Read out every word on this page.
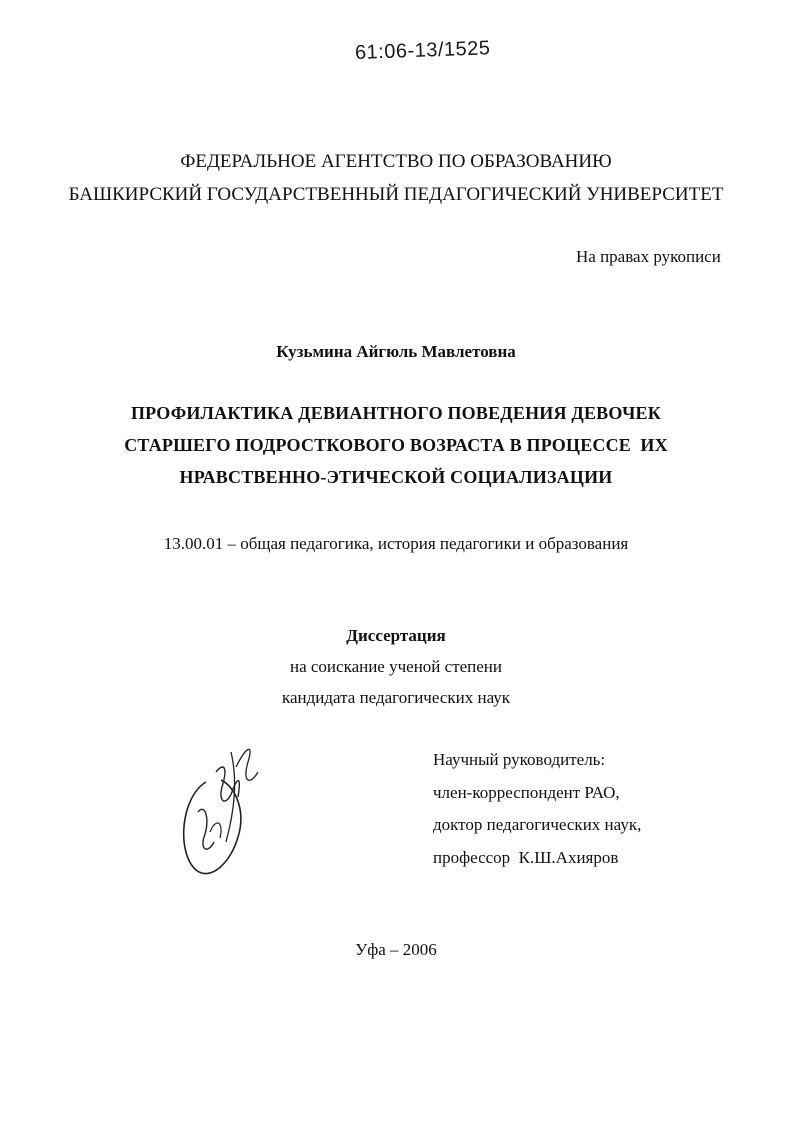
61:06-13/1525
ФЕДЕРАЛЬНОЕ АГЕНТСТВО ПО ОБРАЗОВАНИЮ
БАШКИРСКИЙ ГОСУДАРСТВЕННЫЙ ПЕДАГОГИЧЕСКИЙ УНИВЕРСИТЕТ
На правах рукописи
Кузьмина Айгюль Мавлетовна
ПРОФИЛАКТИКА ДЕВИАНТНОГО ПОВЕДЕНИЯ ДЕВОЧЕК
СТАРШЕГО ПОДРОСТКОВОГО ВОЗРАСТА В ПРОЦЕССЕ  ИХ
НРАВСТВЕННО-ЭТИЧЕСКОЙ СОЦИАЛИЗАЦИИ
13.00.01 – общая педагогика, история педагогики и образования
Диссертация
на соискание ученой степени
кандидата педагогических наук
Научный руководитель:
член-корреспондент РАО,
доктор педагогических наук,
профессор  К.Ш.Ахияров
Уфа – 2006
